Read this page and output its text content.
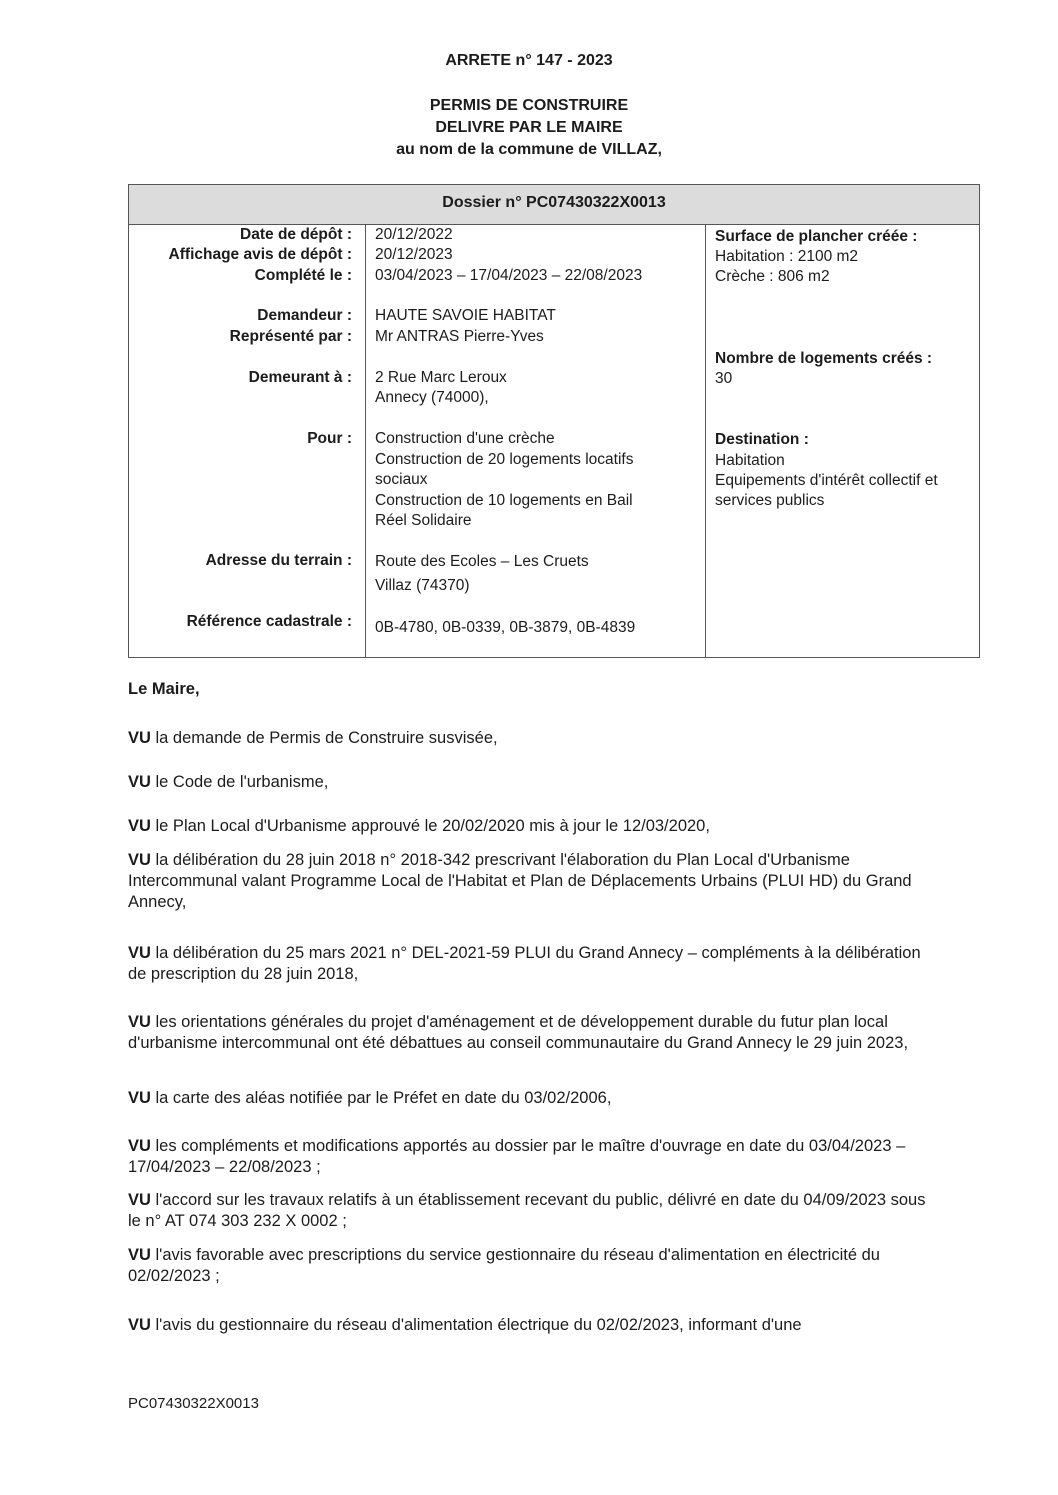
ARRETE n° 147 - 2023
PERMIS DE CONSTRUIRE
DELIVRE PAR LE MAIRE
au nom de la commune de VILLAZ,
Dossier n° PC07430322X0013
Date de dépôt :
Affichage avis de dépôt :
Complété le :
Demandeur :
Représenté par :
Demeurant à :
Pour :
Adresse du terrain :
Référence cadastrale :
20/12/2022
20/12/2023
03/04/2023 – 17/04/2023 – 22/08/2023
HAUTE SAVOIE HABITAT
Mr ANTRAS Pierre-Yves
2 Rue Marc Leroux
Annecy (74000),
Construction d'une crèche
Construction de 20 logements locatifs
sociaux
Construction de 10 logements en Bail
Réel Solidaire
Route des Ecoles – Les Cruets
Villaz (74370)
0B-4780, 0B-0339, 0B-3879, 0B-4839
Surface de plancher créée :
Habitation : 2100 m2
Crèche : 806 m2
Nombre de logements créés :
30
Destination :
Habitation
Equipements d'intérêt collectif et
services publics
Le Maire,
VU la demande de Permis de Construire susvisée,
VU le Code de l'urbanisme,
VU le Plan Local d'Urbanisme approuvé le 20/02/2020 mis à jour le 12/03/2020,
VU la délibération du 28 juin 2018 n° 2018-342 prescrivant l'élaboration du Plan Local d'Urbanisme Intercommunal valant Programme Local de l'Habitat et Plan de Déplacements Urbains (PLUI HD) du Grand Annecy,
VU la délibération du 25 mars 2021 n° DEL-2021-59 PLUI du Grand Annecy – compléments à la délibération de prescription du 28 juin 2018,
VU les orientations générales du projet d'aménagement et de développement durable du futur plan local d'urbanisme intercommunal ont été débattues au conseil communautaire du Grand Annecy le 29 juin 2023,
VU la carte des aléas notifiée par le Préfet en date du 03/02/2006,
VU les compléments et modifications apportés au dossier par le maître d'ouvrage en date du 03/04/2023 – 17/04/2023 – 22/08/2023 ;
VU l'accord sur les travaux relatifs à un établissement recevant du public, délivré en date du 04/09/2023 sous le n° AT 074 303 232 X 0002 ;
VU l'avis favorable avec prescriptions du service gestionnaire du réseau d'alimentation en électricité du 02/02/2023 ;
VU l'avis du gestionnaire du réseau d'alimentation électrique du 02/02/2023, informant d'une
PC07430322X0013
